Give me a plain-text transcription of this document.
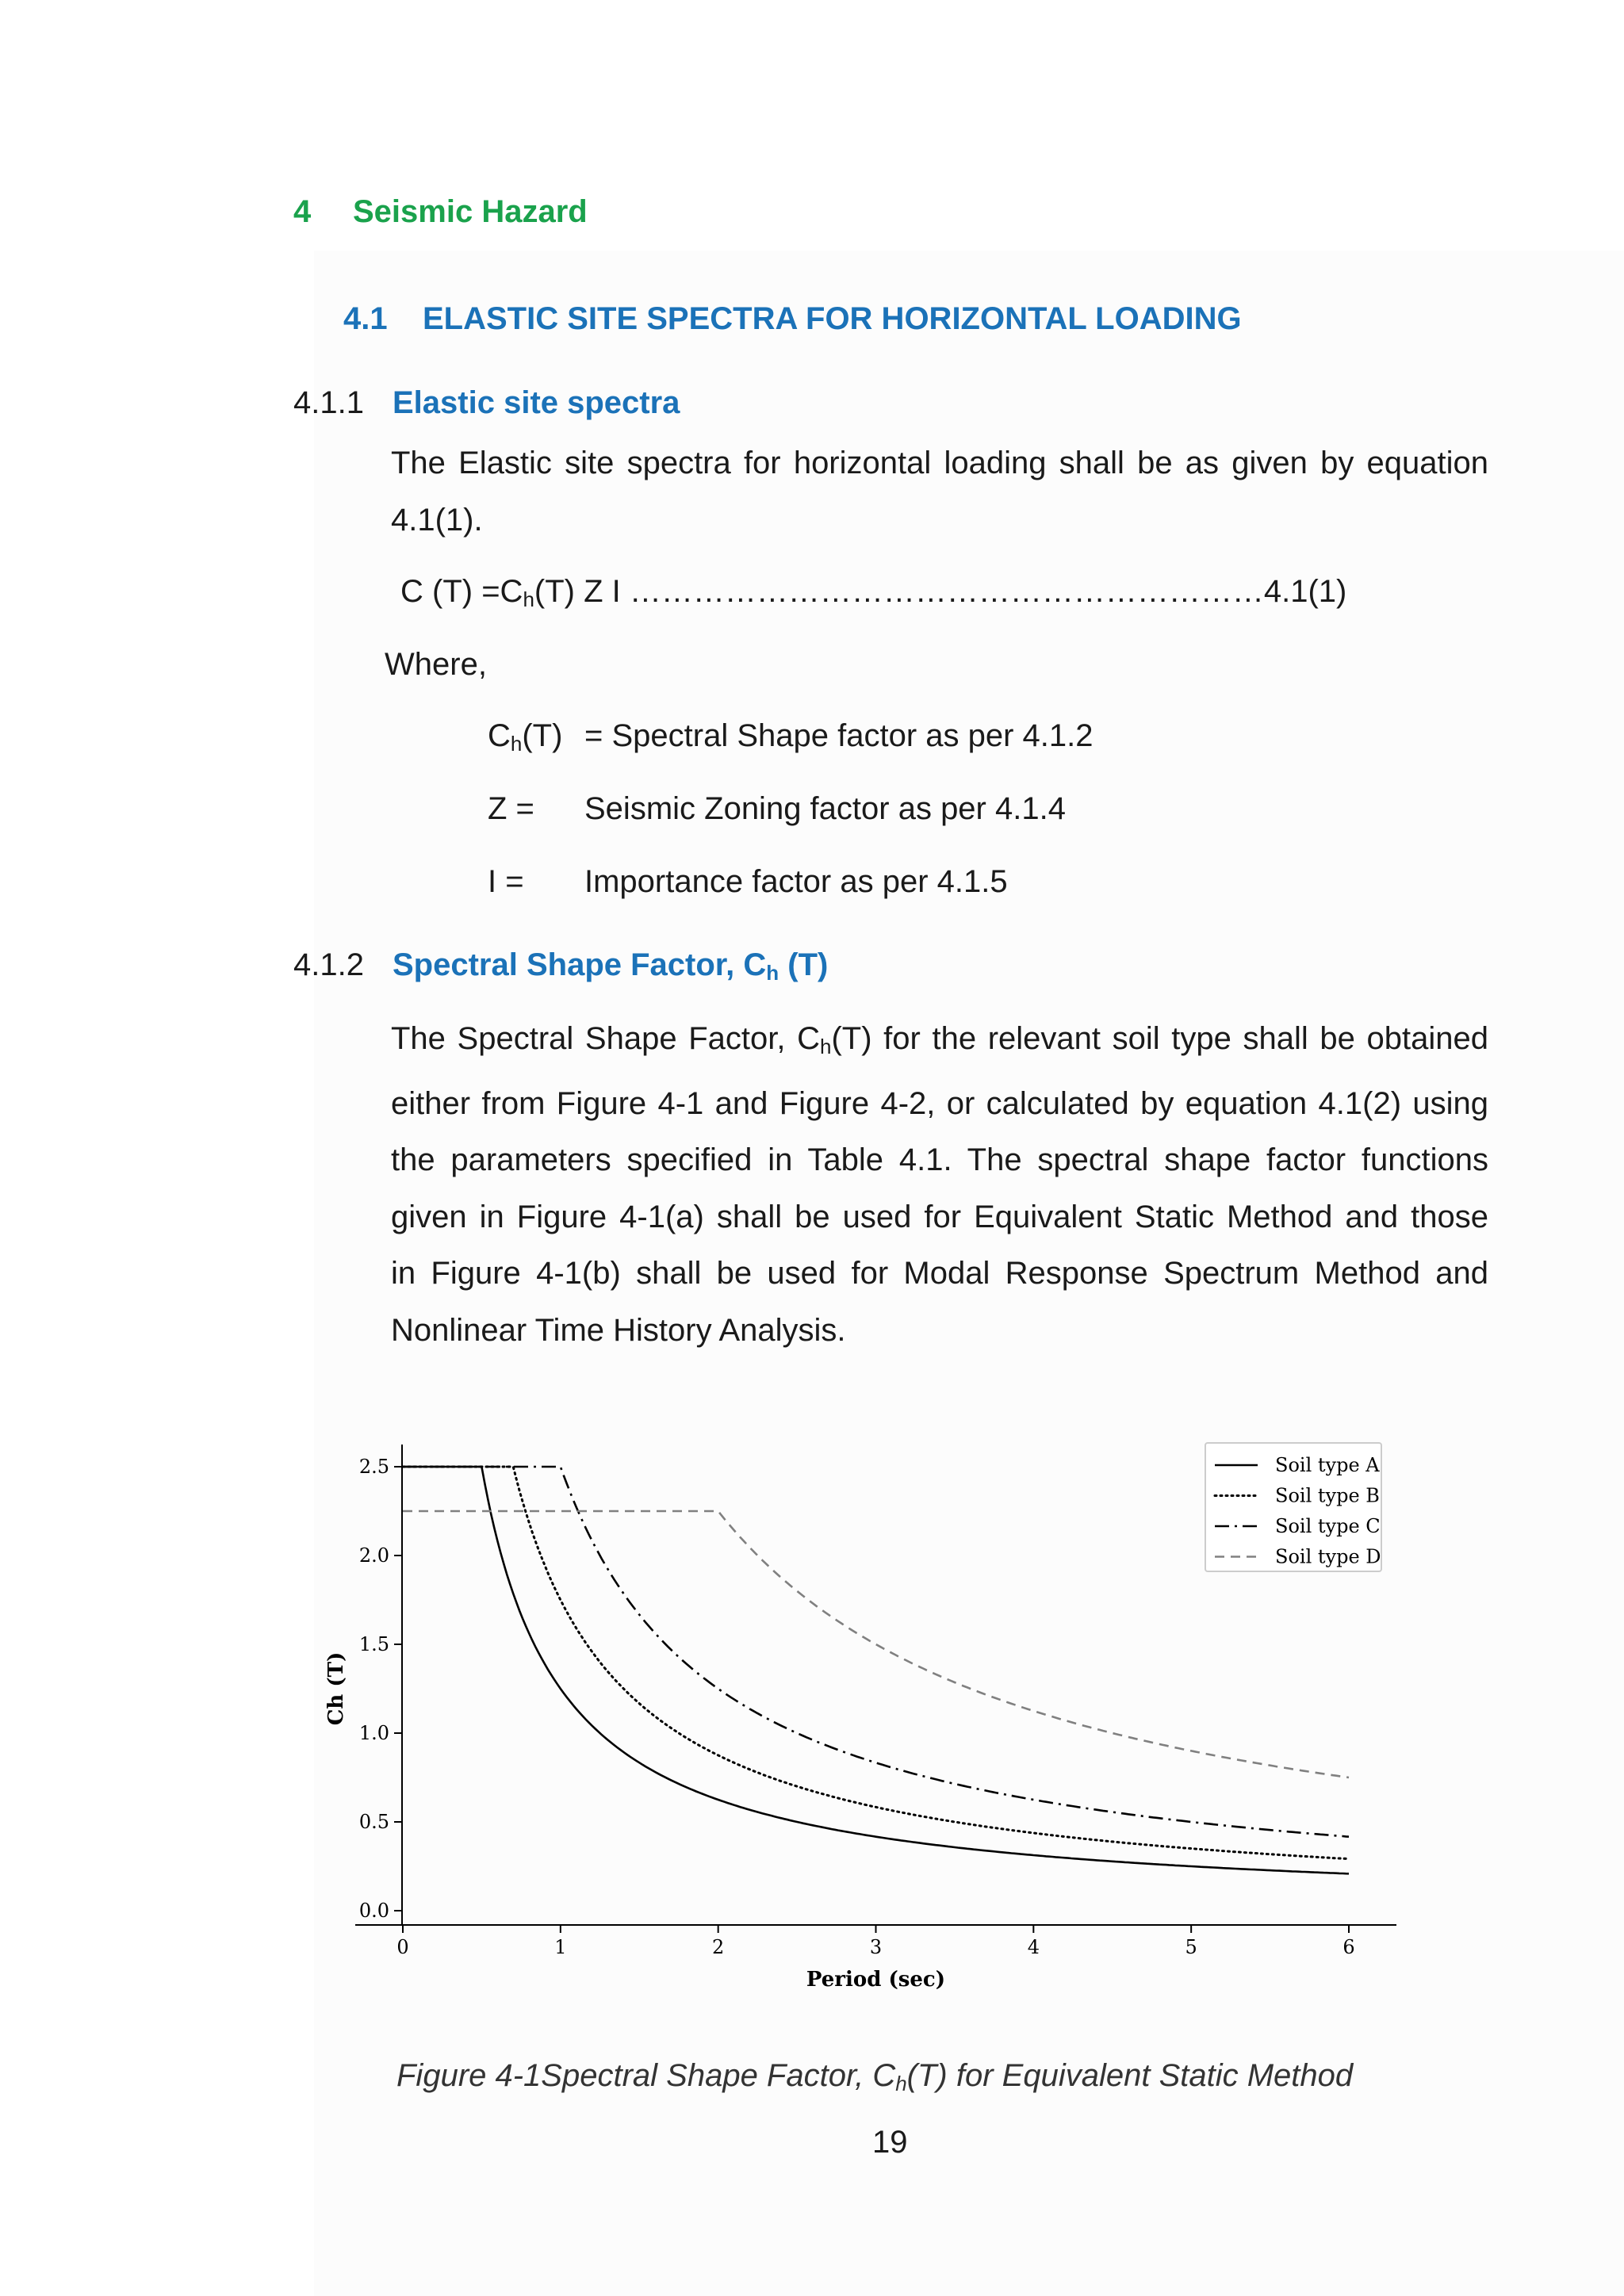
4 Seismic Hazard
4.1 ELASTIC SITE SPECTRA FOR HORIZONTAL LOADING
4.1.1 Elastic site spectra
The Elastic site spectra for horizontal loading shall be as given by equation
4.1(1).
C $(T) =C_h(T)$ Z I ……………………………………………………4.1(1)
Where,
$C_h(T)$ = Spectral Shape factor as per 4.1.2
Z = Seismic Zoning factor as per 4.1.4
I = Importance factor as per 4.1.5
4.1.2 Spectral Shape Factor, $C_h$ (T)
The Spectral Shape Factor, $C_h(T)$ for the relevant soil type shall be obtained
either from Figure 4-1 and Figure 4-2, or calculated by equation 4.1(2) using
the parameters specified in Table 4.1. The spectral shape factor functions
given in Figure 4-1(a) shall be used for Equivalent Static Method and those
in Figure 4-1(b) shall be used for Modal Response Spectrum Method and
Nonlinear Time History Analysis.
0	1	2	3	4	5	6
0.0
0.5
1.0
1.5
2.0
2.5
Period (sec)
Ch (T)
Soil type A
Soil type B
Soil type C
Soil type D
Figure 4-1Spectral Shape Factor, $C_h(T)$ for Equivalent Static Method
19
